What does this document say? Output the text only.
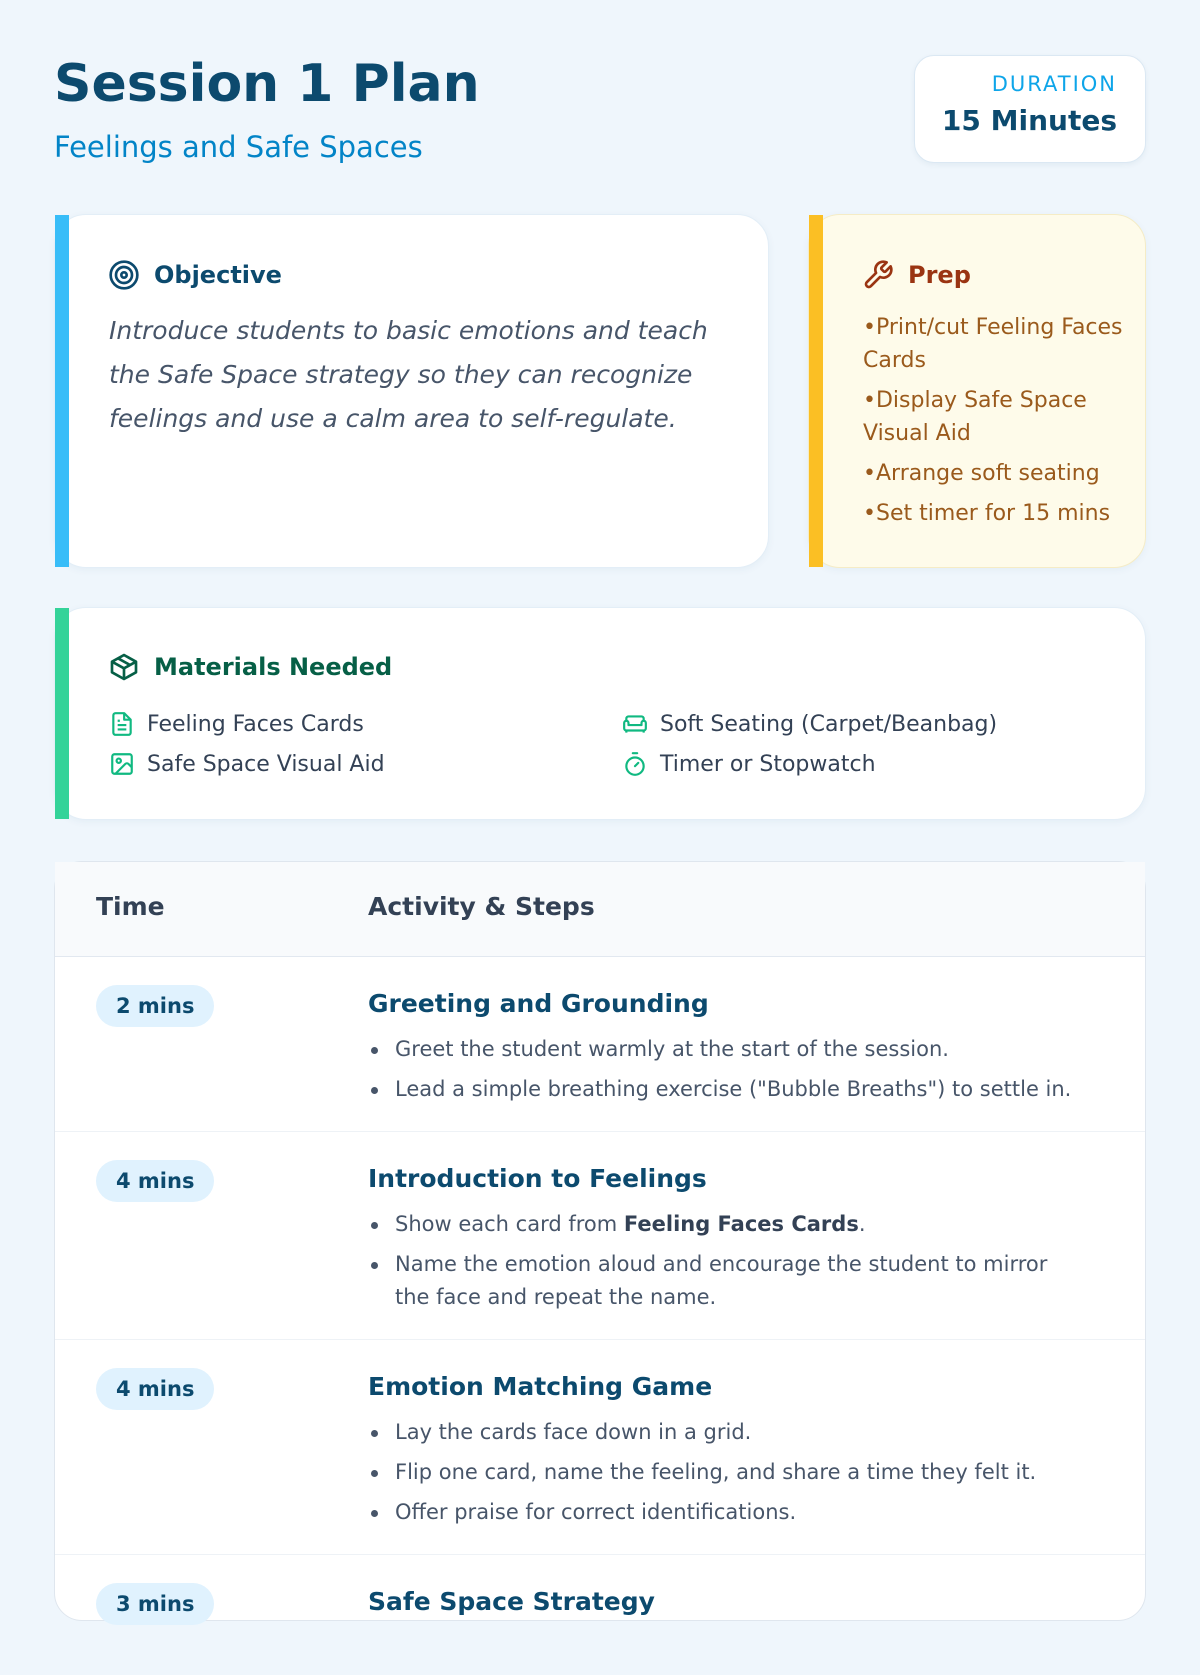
Session 1 Plan
Feelings and Safe Spaces
DURATION
15 Minutes
Objective

Introduce students to basic emotions and teach the Safe Space strategy so they can recognize feelings and use a calm area to self-regulate.

Prep
• Print/cut Feeling Faces Cards
• Display Safe Space Visual Aid
• Arrange soft seating
• Set timer for 15 mins
Materials Needed
Feeling Faces Cards	Soft Seating (Carpet/Beanbag)
Safe Space Visual Aid	Timer or Stopwatch
Time	Activity & Steps
2 mins	Greeting and Grounding
Greet the student warmly at the start of the session.
Lead a simple breathing exercise ("Bubble Breaths") to settle in.
4 mins	Introduction to Feelings
Show each card from Feeling Faces Cards.
Name the emotion aloud and encourage the student to mirror the face and repeat the name.
4 mins	Emotion Matching Game
Lay the cards face down in a grid.
Flip one card, name the feeling, and share a time they felt it.
Offer praise for correct identifications.
3 mins	Safe Space Strategy
